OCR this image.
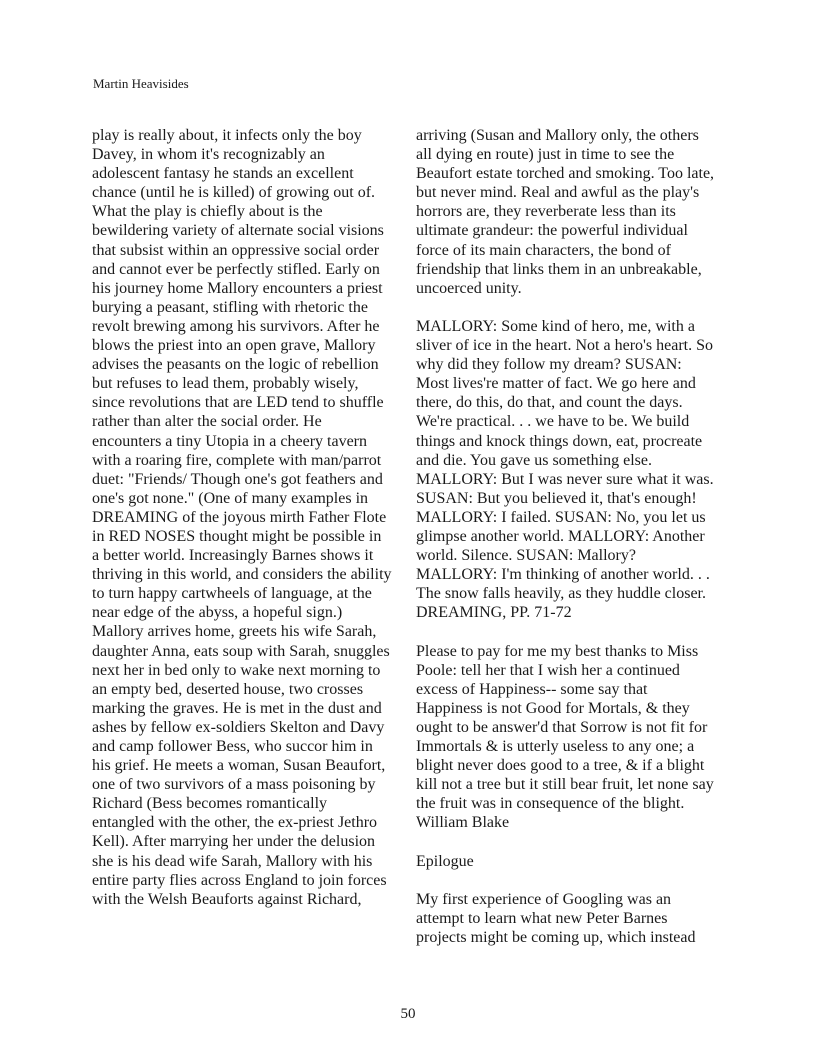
Martin Heavisides

play is really about, it infects only the boy Davey, in whom it's recognizably an adolescent fantasy he stands an excellent chance (until he is killed) of growing out of. What the play is chiefly about is the bewildering variety of alternate social visions that subsist within an oppressive social order and cannot ever be perfectly stifled. Early on his journey home Mallory encounters a priest burying a peasant, stifling with rhetoric the revolt brewing among his survivors. After he blows the priest into an open grave, Mallory advises the peasants on the logic of rebellion but refuses to lead them, probably wisely, since revolutions that are LED tend to shuffle rather than alter the social order. He encounters a tiny Utopia in a cheery tavern with a roaring fire, complete with man/parrot duet: "Friends/ Though one's got feathers and one's got none." (One of many examples in DREAMING of the joyous mirth Father Flote in RED NOSES thought might be possible in a better world. Increasingly Barnes shows it thriving in this world, and considers the ability to turn happy cartwheels of language, at the near edge of the abyss, a hopeful sign.) Mallory arrives home, greets his wife Sarah, daughter Anna, eats soup with Sarah, snuggles next her in bed only to wake next morning to an empty bed, deserted house, two crosses marking the graves. He is met in the dust and ashes by fellow ex-soldiers Skelton and Davy and camp follower Bess, who succor him in his grief. He meets a woman, Susan Beaufort, one of two survivors of a mass poisoning by Richard (Bess becomes romantically entangled with the other, the ex-priest Jethro Kell). After marrying her under the delusion she is his dead wife Sarah, Mallory with his entire party flies across England to join forces with the Welsh Beauforts against Richard,

arriving (Susan and Mallory only, the others all dying en route) just in time to see the Beaufort estate torched and smoking. Too late, but never mind. Real and awful as the play's horrors are, they reverberate less than its ultimate grandeur: the powerful individual force of its main characters, the bond of friendship that links them in an unbreakable, uncoerced unity.

MALLORY: Some kind of hero, me, with a sliver of ice in the heart. Not a hero's heart. So why did they follow my dream? SUSAN: Most lives're matter of fact. We go here and there, do this, do that, and count the days. We're practical. . . we have to be. We build things and knock things down, eat, procreate and die. You gave us something else. MALLORY: But I was never sure what it was. SUSAN: But you believed it, that's enough! MALLORY: I failed. SUSAN: No, you let us glimpse another world. MALLORY: Another world. Silence. SUSAN: Mallory? MALLORY: I'm thinking of another world. . . The snow falls heavily, as they huddle closer. DREAMING, PP. 71-72

Please to pay for me my best thanks to Miss Poole: tell her that I wish her a continued excess of Happiness-- some say that Happiness is not Good for Mortals, & they ought to be answer'd that Sorrow is not fit for Immortals & is utterly useless to any one; a blight never does good to a tree, & if a blight kill not a tree but it still bear fruit, let none say the fruit was in consequence of the blight. William Blake

Epilogue

My first experience of Googling was an attempt to learn what new Peter Barnes projects might be coming up, which instead

50
